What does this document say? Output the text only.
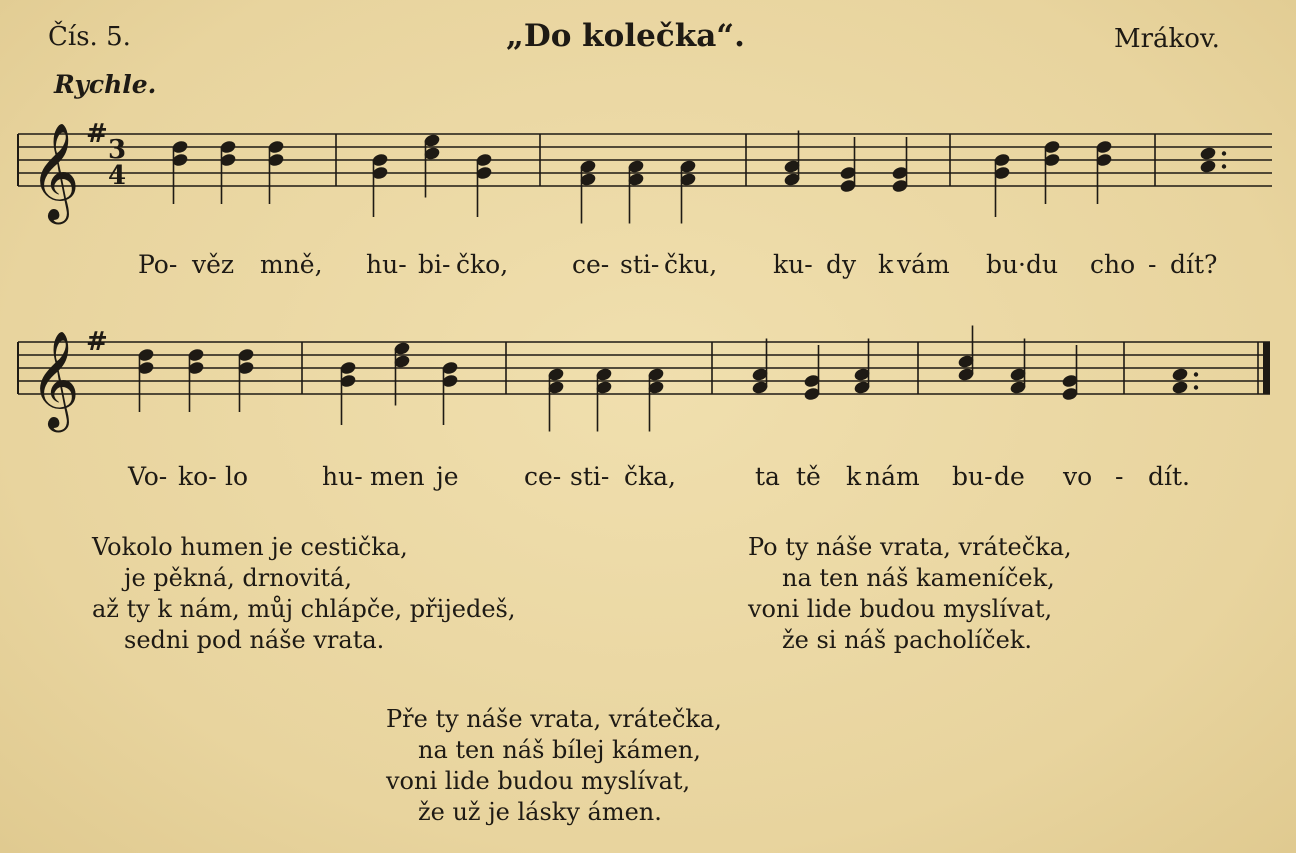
Čís. 5.	„Do kolečka“.	Mrákov.
Rychle.
𝄞 #
3
4
Po- věz mně, hu- bi- čko,	ce- sti- čku, ku- dy k vám bu ·du cho - dít?
𝄞 #
Vo- ko- lo	hu- men je	ce- sti- čka,	ta tě k nám bu- de vo - dít.
Vokolo humen je cestička,
je pěkná, drnovitá,
až ty k nám, můj chlápče, přijedeš,
sedni pod náše vrata.
Po ty náše vrata, vrátečka,
na ten náš kameníček,
voni lide budou myslívat,
že si náš pacholíček.
Pře ty náše vrata, vrátečka,
na ten náš bílej kámen,
voni lide budou myslívat,
že už je lásky ámen.
